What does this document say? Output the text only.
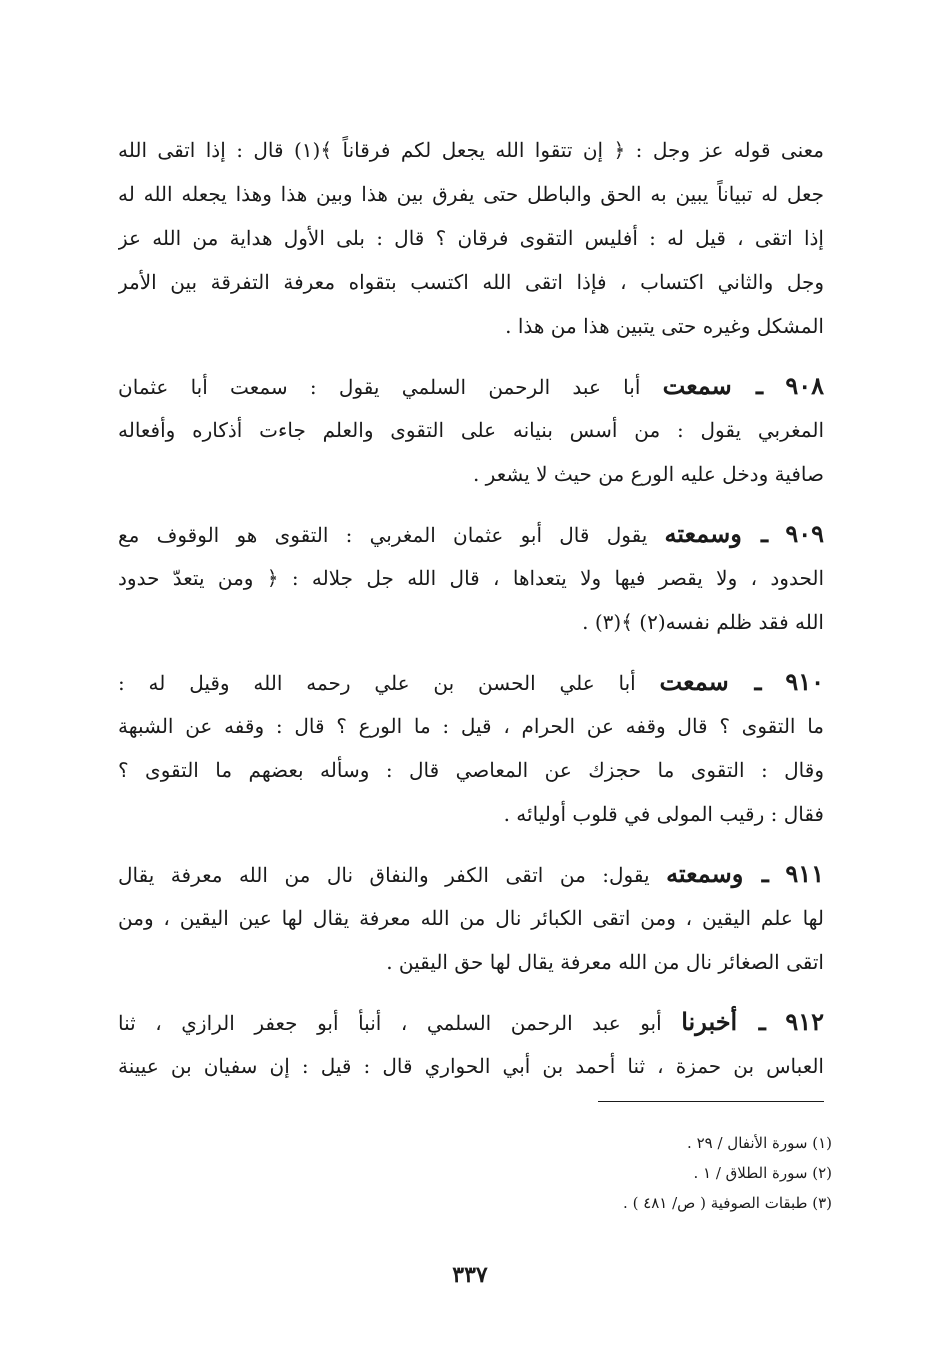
معنى قوله عز وجل : ﴿ إن تتقوا الله يجعل لكم فرقاناً ﴾(١) قال : إذا اتقى الله
جعل له تبياناً يبين به الحق والباطل حتى يفرق بين هذا وبين هذا وهذا يجعله الله له
إذا اتقى ، قيل له : أفليس التقوى فرقان ؟ قال : بلى الأول هداية من الله عز
وجل والثاني اكتساب ، فإذا اتقى الله اكتسب بتقواه معرفة التفرقة بين الأمر
المشكل وغيره حتى يتبين هذا من هذا .
٩٠٨ ـ سمعت أبا عبد الرحمن السلمي يقول : سمعت أبا عثمان
المغربي يقول : من أسس بنيانه على التقوى والعلم جاءت أذكاره وأفعاله
صافية ودخل عليه الورع من حيث لا يشعر .
٩٠٩ ـ وسمعته يقول قال أبو عثمان المغربي : التقوى هو الوقوف مع
الحدود ، ولا يقصر فيها ولا يتعداها ، قال الله جل جلاله : ﴿ ومن يتعدّ حدود
الله فقد ظلم نفسه(٢) ﴾(٣) .
٩١٠ ـ سمعت أبا علي الحسن بن علي رحمه الله وقيل له :
ما التقوى ؟ قال وقفه عن الحرام ، قيل : ما الورع ؟ قال : وقفه عن الشبهة
وقال : التقوى ما حجزك عن المعاصي قال : وسأله بعضهم ما التقوى ؟
فقال : رقيب المولى في قلوب أوليائه .
٩١١ ـ وسمعته يقول: من اتقى الكفر والنفاق نال من الله معرفة يقال
لها علم اليقين ، ومن اتقى الكبائر نال من الله معرفة يقال لها عين اليقين ، ومن
اتقى الصغائر نال من الله معرفة يقال لها حق اليقين .
٩١٢ ـ أخبرنا أبو عبد الرحمن السلمي ، أنبأ أبو جعفر الرازي ، ثنا
العباس بن حمزة ، ثنا أحمد بن أبي الحواري قال : قيل : إن سفيان بن عيينة
(١) سورة الأنفال / ٢٩ .
(٢) سورة الطلاق / ١ .
(٣) طبقات الصوفية ( ص/ ٤٨١ ) .
٣٣٧
